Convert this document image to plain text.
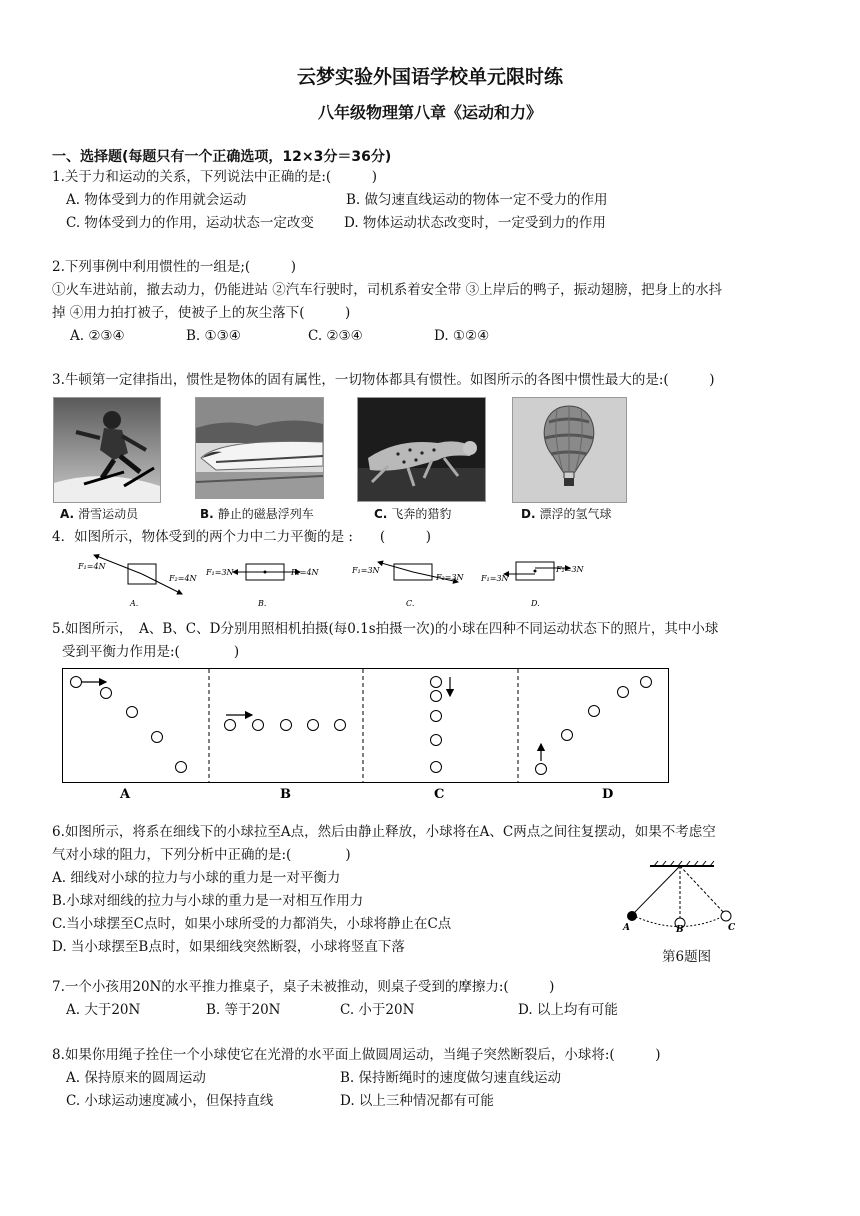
云梦实验外国语学校单元限时练
八年级物理第八章《运动和力》
一、选择题(每题只有一个正确选项，12×3分＝36分)
1.关于力和运动的关系，下列说法中正确的是:(　　　)
A. 物体受到力的作用就会运动	B. 做匀速直线运动的物体一定不受力的作用
C. 物体受到力的作用，运动状态一定改变 D. 物体运动状态改变时，一定受到力的作用
2.下列事例中利用惯性的一组是;(　　　)
①火车进站前，撤去动力，仍能进站 ②汽车行驶时，司机系着安全带 ③上岸后的鸭子，振动翅膀，把身上的水抖
掉 ④用力拍打被子，使被子上的灰尘落下(　　　)
A. ②③④	B. ①③④	C. ②③④	D. ①②④
3.牛顿第一定律指出，惯性是物体的固有属性，一切物体都具有惯性。如图所示的各图中惯性最大的是:(　　　)
A. 滑雪运动员	B. 静止的磁悬浮列车	C. 飞奔的猎豹	D. 漂浮的氢气球
4．如图所示，物体受到的两个力中二力平衡的是 :　　(　　　)
F₁=4N
F₂=4N
A.
F₁=3N	F₂=4N
B.
F₁=3N
F₂=3N
C.
F₁=3N
F₂=3N
D.
5.如图所示，　A、B、C、D分别用照相机拍摄(每0.1s拍摄一次)的小球在四种不同运动状态下的照片，其中小球
受到平衡力作用是:(　　　　)
A	B	C	D
6.如图所示，将系在细线下的小球拉至A点，然后由静止释放，小球将在A、C两点之间往复摆动，如果不考虑空
气对小球的阻力，下列分析中正确的是:(　　　　)
A. 细线对小球的拉力与小球的重力是一对平衡力
B.小球对细线的拉力与小球的重力是一对相互作用力
C.当小球摆至C点时，如果小球所受的力都消失，小球将静止在C点
D. 当小球摆至B点时，如果细线突然断裂，小球将竖直下落
A	B	C
第6题图
7.一个小孩用20N的水平推力推桌子，桌子未被推动，则桌子受到的摩擦力:(　　　)
A. 大于20N	B. 等于20N	C. 小于20N	D. 以上均有可能
8.如果你用绳子拴住一个小球使它在光滑的水平面上做圆周运动，当绳子突然断裂后，小球将:(　　　)
A. 保持原来的圆周运动	B. 保持断绳时的速度做匀速直线运动
C. 小球运动速度减小，但保持直线	D. 以上三种情况都有可能
